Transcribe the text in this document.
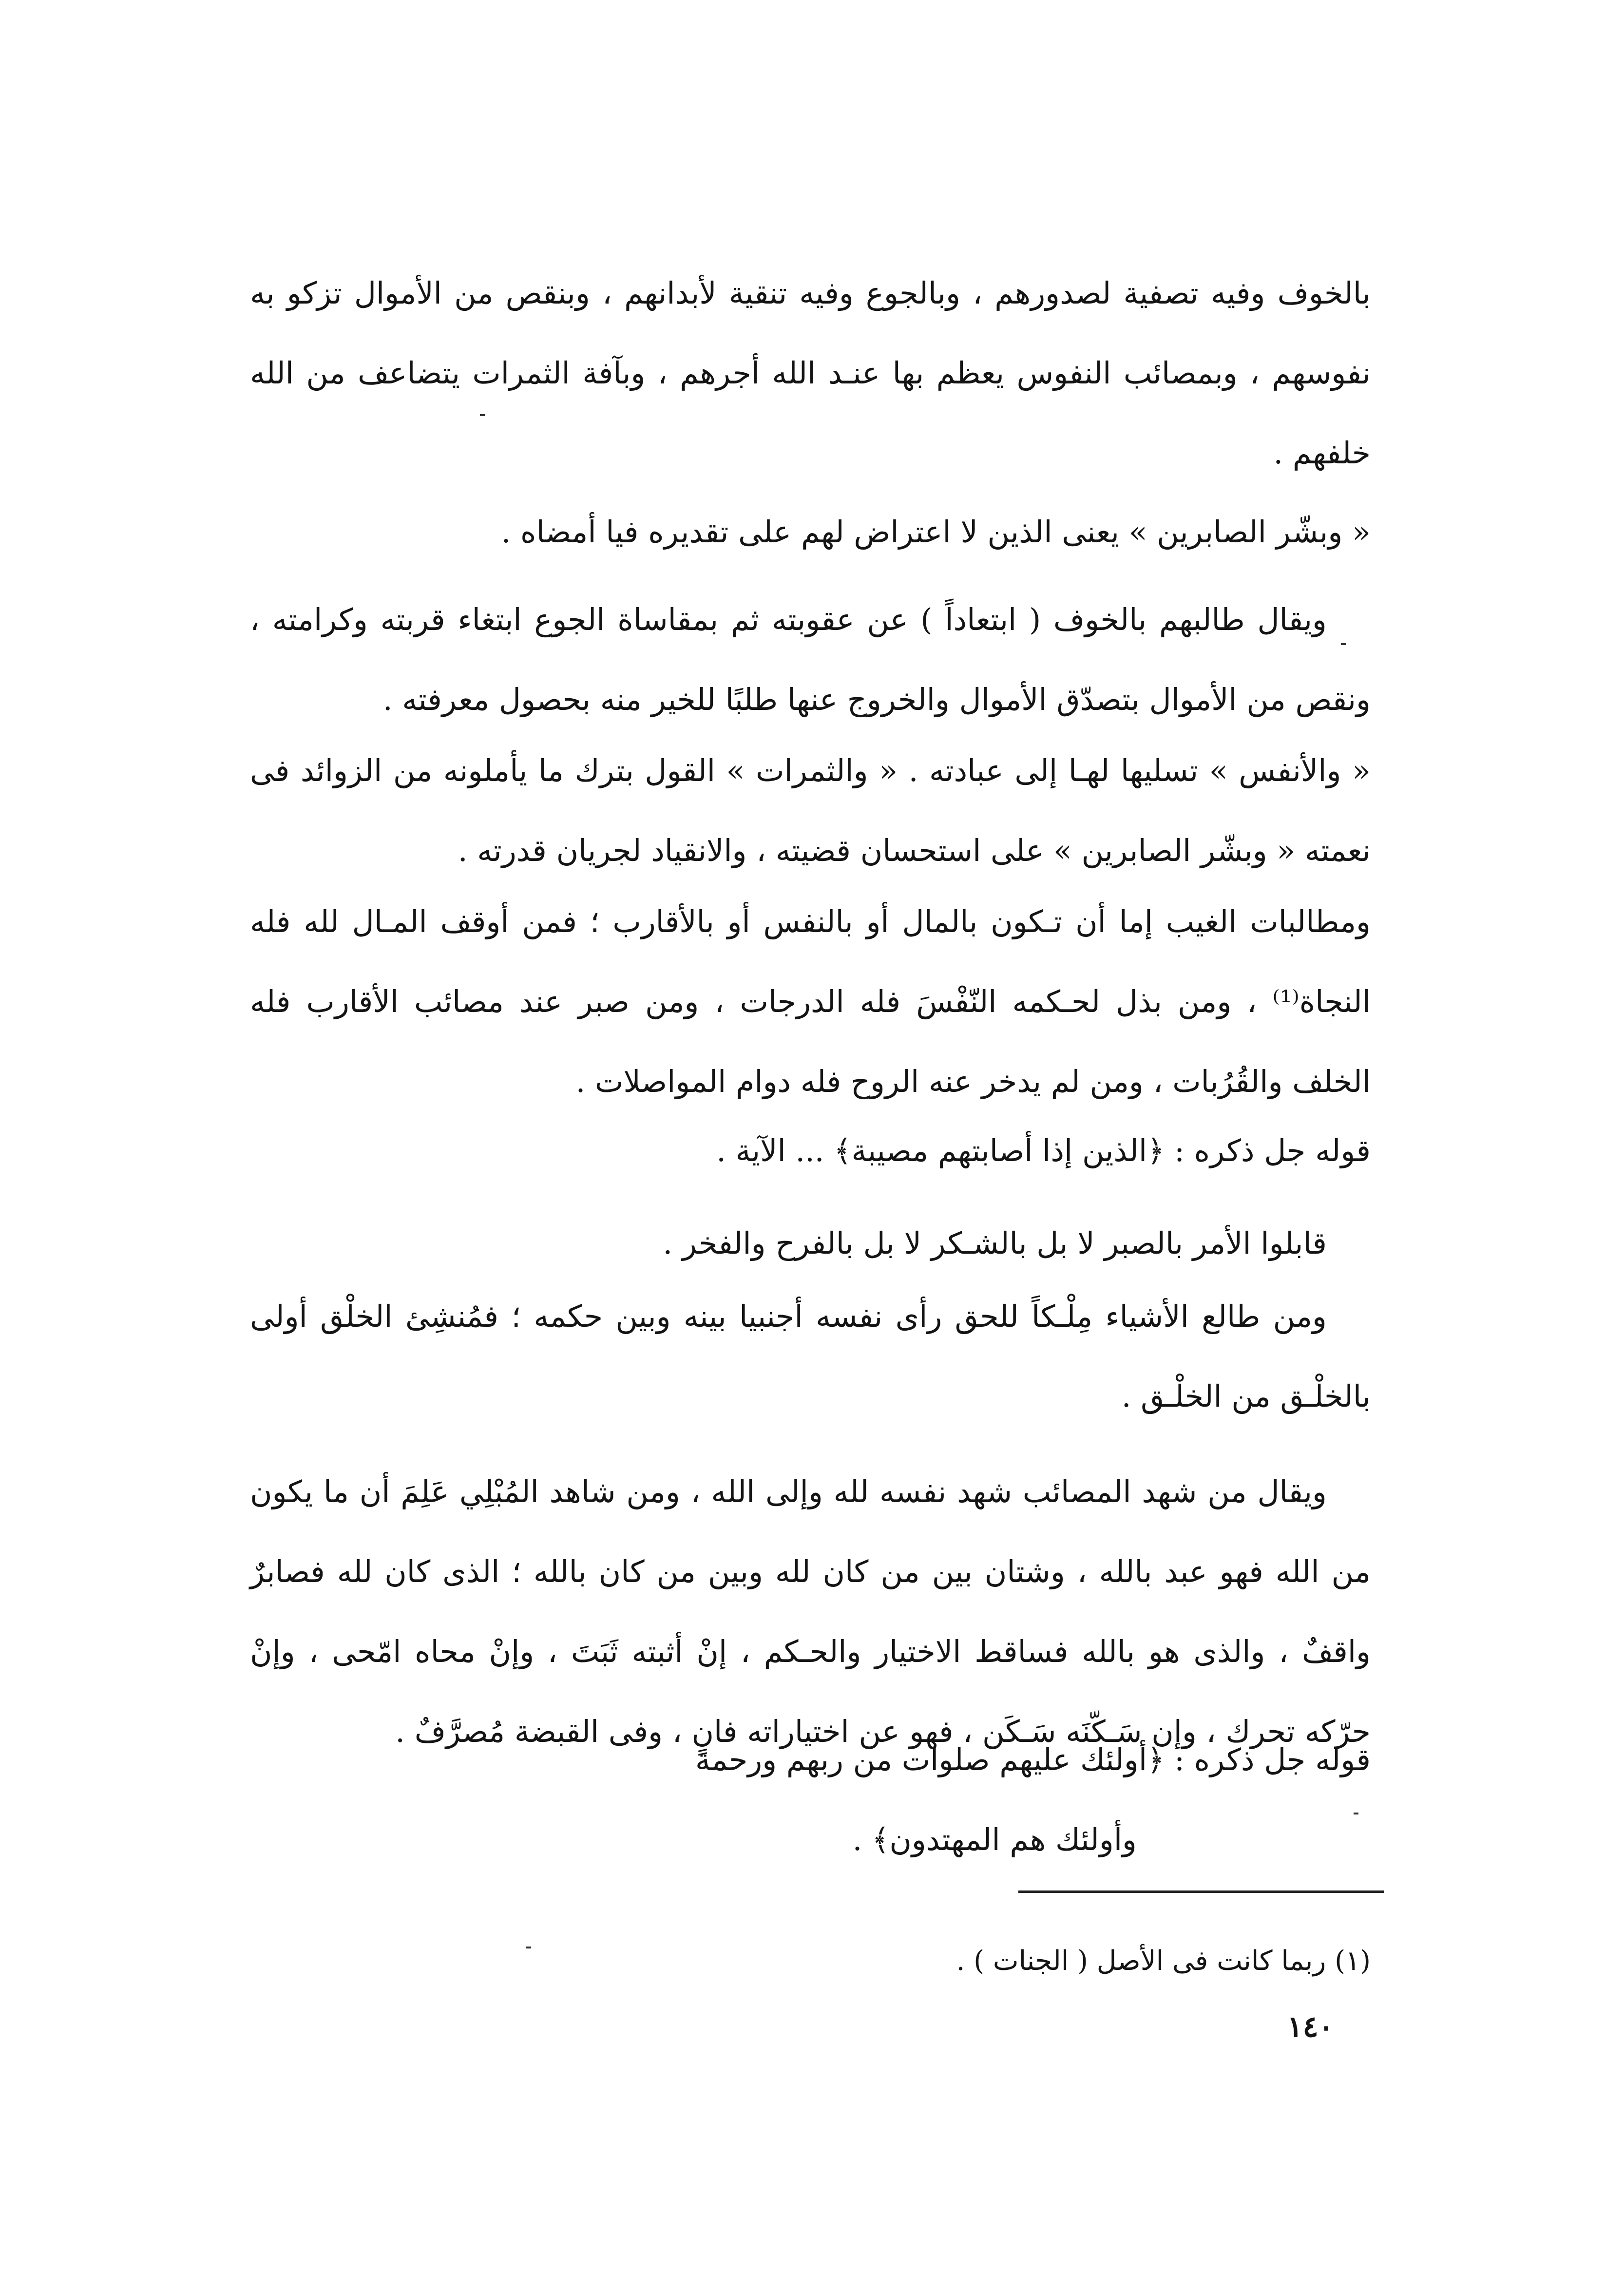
بالخوف وفيه تصفية لصدورهم ، وبالجوع وفيه تنقية لأبدانهم ، وبنقص من الأموال تزكو به نفوسهم ، وبمصائب النفوس يعظم بها عنـد الله أجرهم ، وبآفة الثمرات يتضاعف من الله خلفهم .

« وبشّر الصابرين » يعنى الذين لا اعتراض لهم على تقديره فيا أمضاه .

ويقال طالبهم بالخوف ( ابتعاداً ) عن عقوبته ثم بمقاساة الجوع ابتغاء قربته وكرامته ، ونقص من الأموال بتصدّق الأموال والخروج عنها طلبًا للخير منه بحصول معرفته .

« والأنفس » تسليها لهـا إلى عبادته . « والثمرات » القول بترك ما يأملونه من الزوائد فى نعمته « وبشّر الصابرين » على استحسان قضيته ، والانقياد لجريان قدرته .

ومطالبات الغيب إما أن تـكون بالمال أو بالنفس أو بالأقارب ؛ فمن أوقف المـال لله فله النجاة⁽¹⁾ ، ومن بذل لحـكمه النّفْسَ فله الدرجات ، ومن صبر عند مصائب الأقارب فله الخلف والقُرُبات ، ومن لم يدخر عنه الروح فله دوام المواصلات .

قوله جل ذكره : ﴿الذين إذا أصابتهم مصيبة﴾ ... الآية .

قابلوا الأمر بالصبر لا بل بالشـكر لا بل بالفرح والفخر .

ومن طالع الأشياء مِلْـكاً للحق رأى نفسه أجنبيا بينه وبين حكمه ؛ فمُنشِئ الخلْق أولى بالخلْـق من الخلْـق .

ويقال من شهد المصائب شهد نفسه لله وإلى الله ، ومن شاهد المُبْلِي عَلِمَ أن ما يكون من الله فهو عبد بالله ، وشتان بين من كان لله وبين من كان بالله ؛ الذى كان لله فصابرٌ واقفٌ ، والذى هو بالله فساقط الاختيار والحـكم ، إنْ أثبته ثَبَتَ ، وإنْ محاه امّحى ، وإنْ حرّكه تحرك ، وإن سَـكّنَه سَـكَن ، فهو عن اختياراته فانٍ ، وفى القبضة مُصرَّفٌ .

قوله جل ذكره : ﴿أولئك عليهم صلوات من ربهم ورحمة
وأولئك هم المهتدون﴾ .

(١) ربما كانت فى الأصل ( الجنات ) .
١٤٠
